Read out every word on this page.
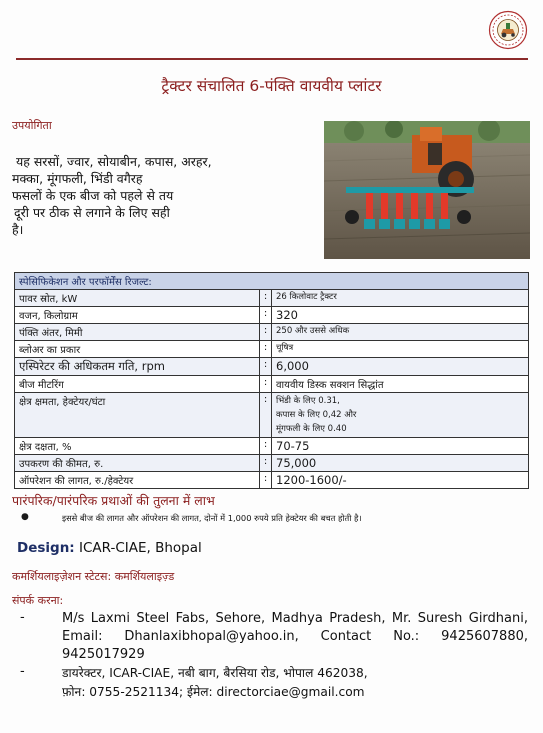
ट्रैक्टर संचालित 6-पंक्ति वायवीय प्लांटर
उपयोगिता
यह सरसों, ज्वार, सोयाबीन, कपास, अरहर,
मक्का, मूंगफली, भिंडी वगैरह
फसलों के एक बीज को पहले से तय
दूरी पर ठीक से लगाने के लिए सही
है।
स्पेसिफिकेशन और परफॉर्मेंस रिजल्ट:		
पावर स्रोत, kW	:	26 किलोवाट ट्रैक्टर
वजन, किलोग्राम	:	320
पंक्ति अंतर, मिमी	:	250 और उससे अधिक
ब्लोअर का प्रकार	:	चूषित्र
एस्पिरेटर की अधिकतम गति, rpm	:	6,000
बीज मीटरिंग	:	वायवीय डिस्क सक्शन सिद्धांत
क्षेत्र क्षमता, हेक्टेयर/घंटा	:	भिंडी के लिए 0.31,
कपास के लिए 0,42 और
मूंगफली के लिए 0.40

क्षेत्र दक्षता, %	:	70-75
उपकरण की कीमत, रु.	:	75,000
ऑपरेशन की लागत, रु./हेक्टेयर	:	1200-1600/-
पारंपरिक/पारंपरिक प्रथाओं की तुलना में लाभ
●	इससे बीज की लागत और ऑपरेशन की लागत, दोनों में 1,000 रुपये प्रति हेक्टेयर की बचत होती है।
Design: ICAR-CIAE, Bhopal
कमर्शियलाइज़ेशन स्टेटस: कमर्शियलाइज़्ड
संपर्क करना:
-	M/s Laxmi Steel Fabs, Sehore, Madhya Pradesh, Mr. Suresh Girdhani, Email: Dhanlaxibhopal@yahoo.in, Contact No.: 9425607880, 9425017929
-	डायरेक्टर, ICAR-CIAE, नबी बाग, बैरसिया रोड, भोपाल 462038,
फ़ोन: 0755-2521134; ईमेल: directorciae@gmail.com
